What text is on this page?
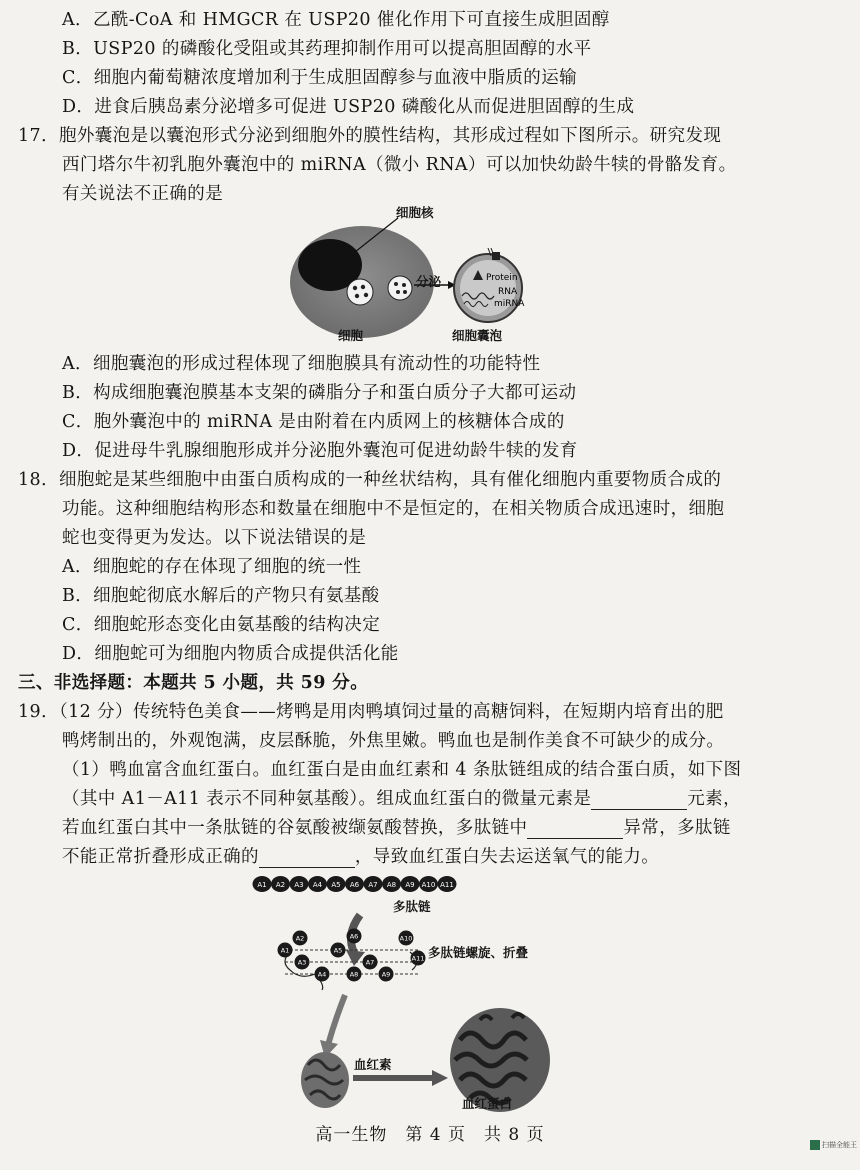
A．乙酰-CoA 和 HMGCR 在 USP20 催化作用下可直接生成胆固醇
B．USP20 的磷酸化受阻或其药理抑制作用可以提高胆固醇的水平
C．细胞内葡萄糖浓度增加利于生成胆固醇参与血液中脂质的运输
D．进食后胰岛素分泌增多可促进 USP20 磷酸化从而促进胆固醇的生成
17．胞外囊泡是以囊泡形式分泌到细胞外的膜性结构，其形成过程如下图所示。研究发现
西门塔尔牛初乳胞外囊泡中的 miRNA（微小 RNA）可以加快幼龄牛犊的骨骼发育。
有关说法不正确的是
Protein
RNA
miRNA
细胞核
分泌
细胞	细胞囊泡
A．细胞囊泡的形成过程体现了细胞膜具有流动性的功能特性
B．构成细胞囊泡膜基本支架的磷脂分子和蛋白质分子大都可运动
C．胞外囊泡中的 miRNA 是由附着在内质网上的核糖体合成的
D．促进母牛乳腺细胞形成并分泌胞外囊泡可促进幼龄牛犊的发育
18．细胞蛇是某些细胞中由蛋白质构成的一种丝状结构，具有催化细胞内重要物质合成的
功能。这种细胞结构形态和数量在细胞中不是恒定的，在相关物质合成迅速时，细胞
蛇也变得更为发达。以下说法错误的是
A．细胞蛇的存在体现了细胞的统一性
B．细胞蛇彻底水解后的产物只有氨基酸
C．细胞蛇形态变化由氨基酸的结构决定
D．细胞蛇可为细胞内物质合成提供活化能
三、非选择题：本题共 5 小题，共 59 分。
19．（12 分）传统特色美食——烤鸭是用肉鸭填饲过量的高糖饲料，在短期内培育出的肥
鸭烤制出的，外观饱满，皮层酥脆，外焦里嫩。鸭血也是制作美食不可缺少的成分。
（1）鸭血富含血红蛋白。血红蛋白是由血红素和 4 条肽链组成的结合蛋白质，如下图
（其中 A1－A11 表示不同种氨基酸）。组成血红蛋白的微量元素是	元素，
若血红蛋白其中一条肽链的谷氨酸被缬氨酸替换，多肽链中	异常，多肽链
不能正常折叠形成正确的	，导致血红蛋白失去运送氧气的能力。
A1 A2 A3 A4 A5 A6 A7 A8 A9 A10 A11
A1
A2
A3
A4
A5
A6
A7
A8	A9
A10
A11
多肽链
多肽链螺旋、折叠
血红素
血红蛋白
高一生物　第 4 页　共 8 页	扫描全能王
